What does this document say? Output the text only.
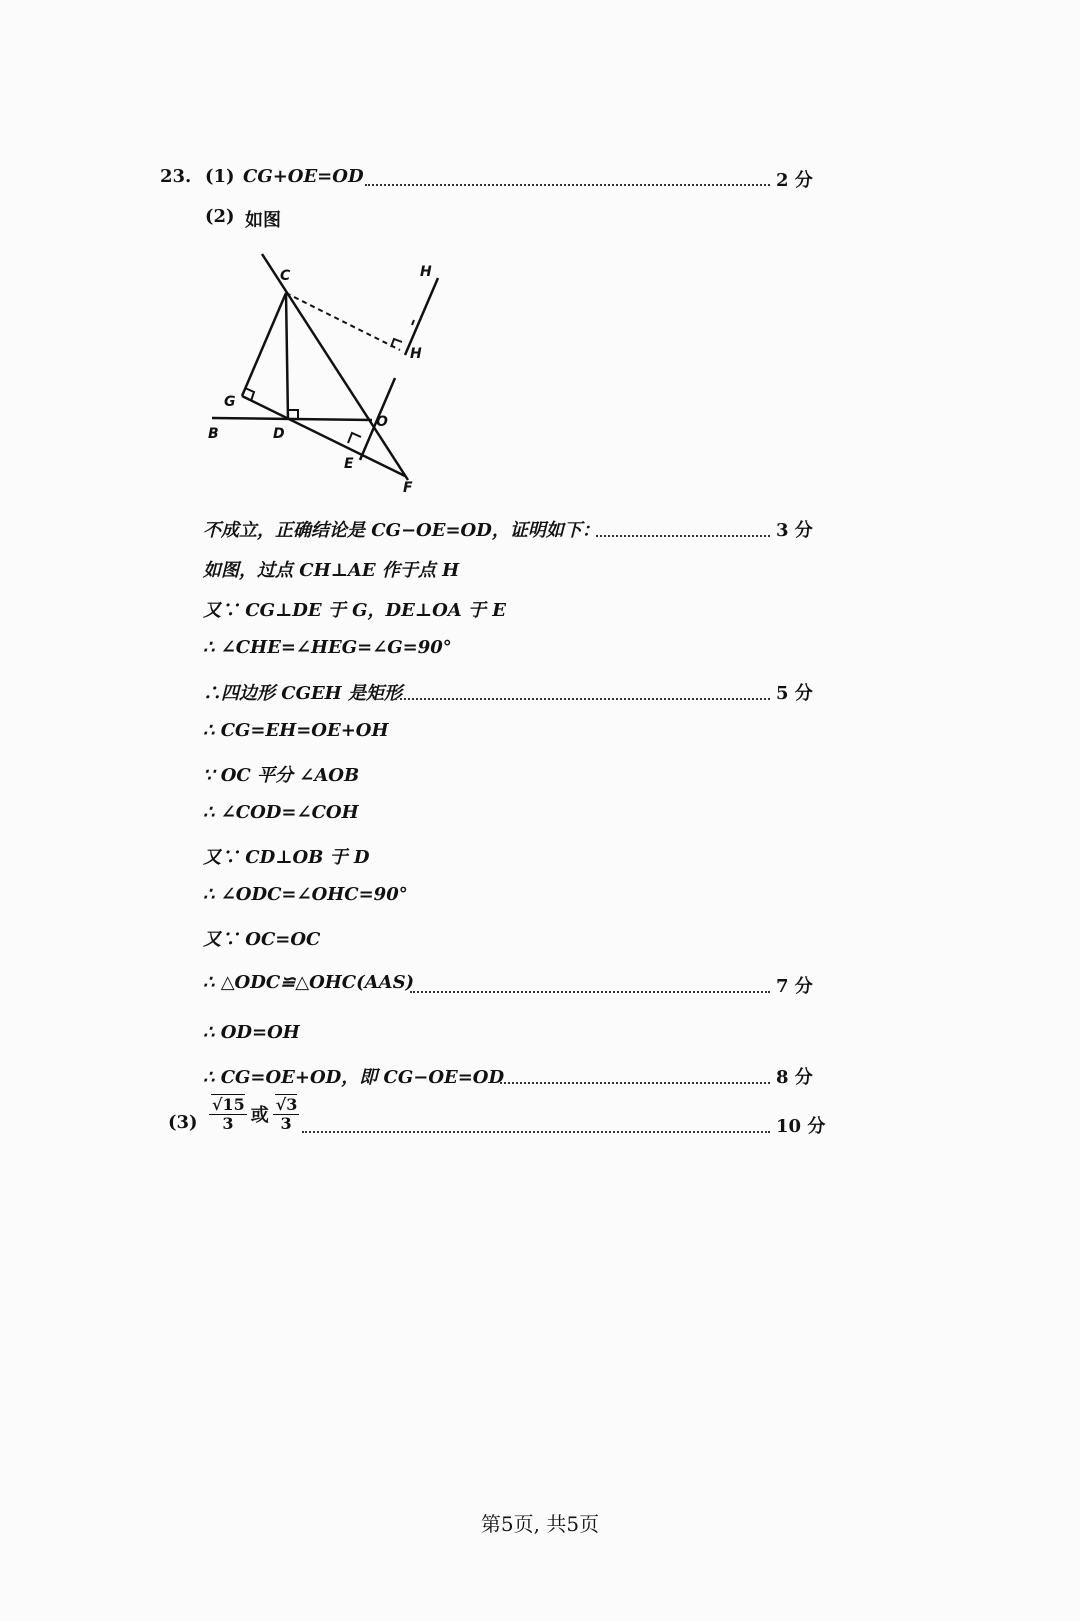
23. (1) CG+OE=OD	2 分
(2) 如图
C	H
H
G
B	D
O
E
F
不成立，正确结论是 CG−OE=OD，证明如下：	3 分
如图，过点 CH⊥AE 作于点 H
又∵ CG⊥DE 于 G，DE⊥OA 于 E
∴ ∠CHE=∠HEG=∠G=90°
∴四边形 CGEH 是矩形	5 分
∴ CG=EH=OE+OH
∵ OC 平分 ∠AOB
∴ ∠COD=∠COH
又∵ CD⊥OB 于 D
∴ ∠ODC=∠OHC=90°
又∵ OC=OC
∴ △ODC≌△OHC(AAS)	7 分
∴ OD=OH
∴ CG=OE+OD，即 CG−OE=OD	8 分
$(3) \frac{√15}{3}$ 或 $\frac{√3}{3}$	10 分
第5页, 共5页
